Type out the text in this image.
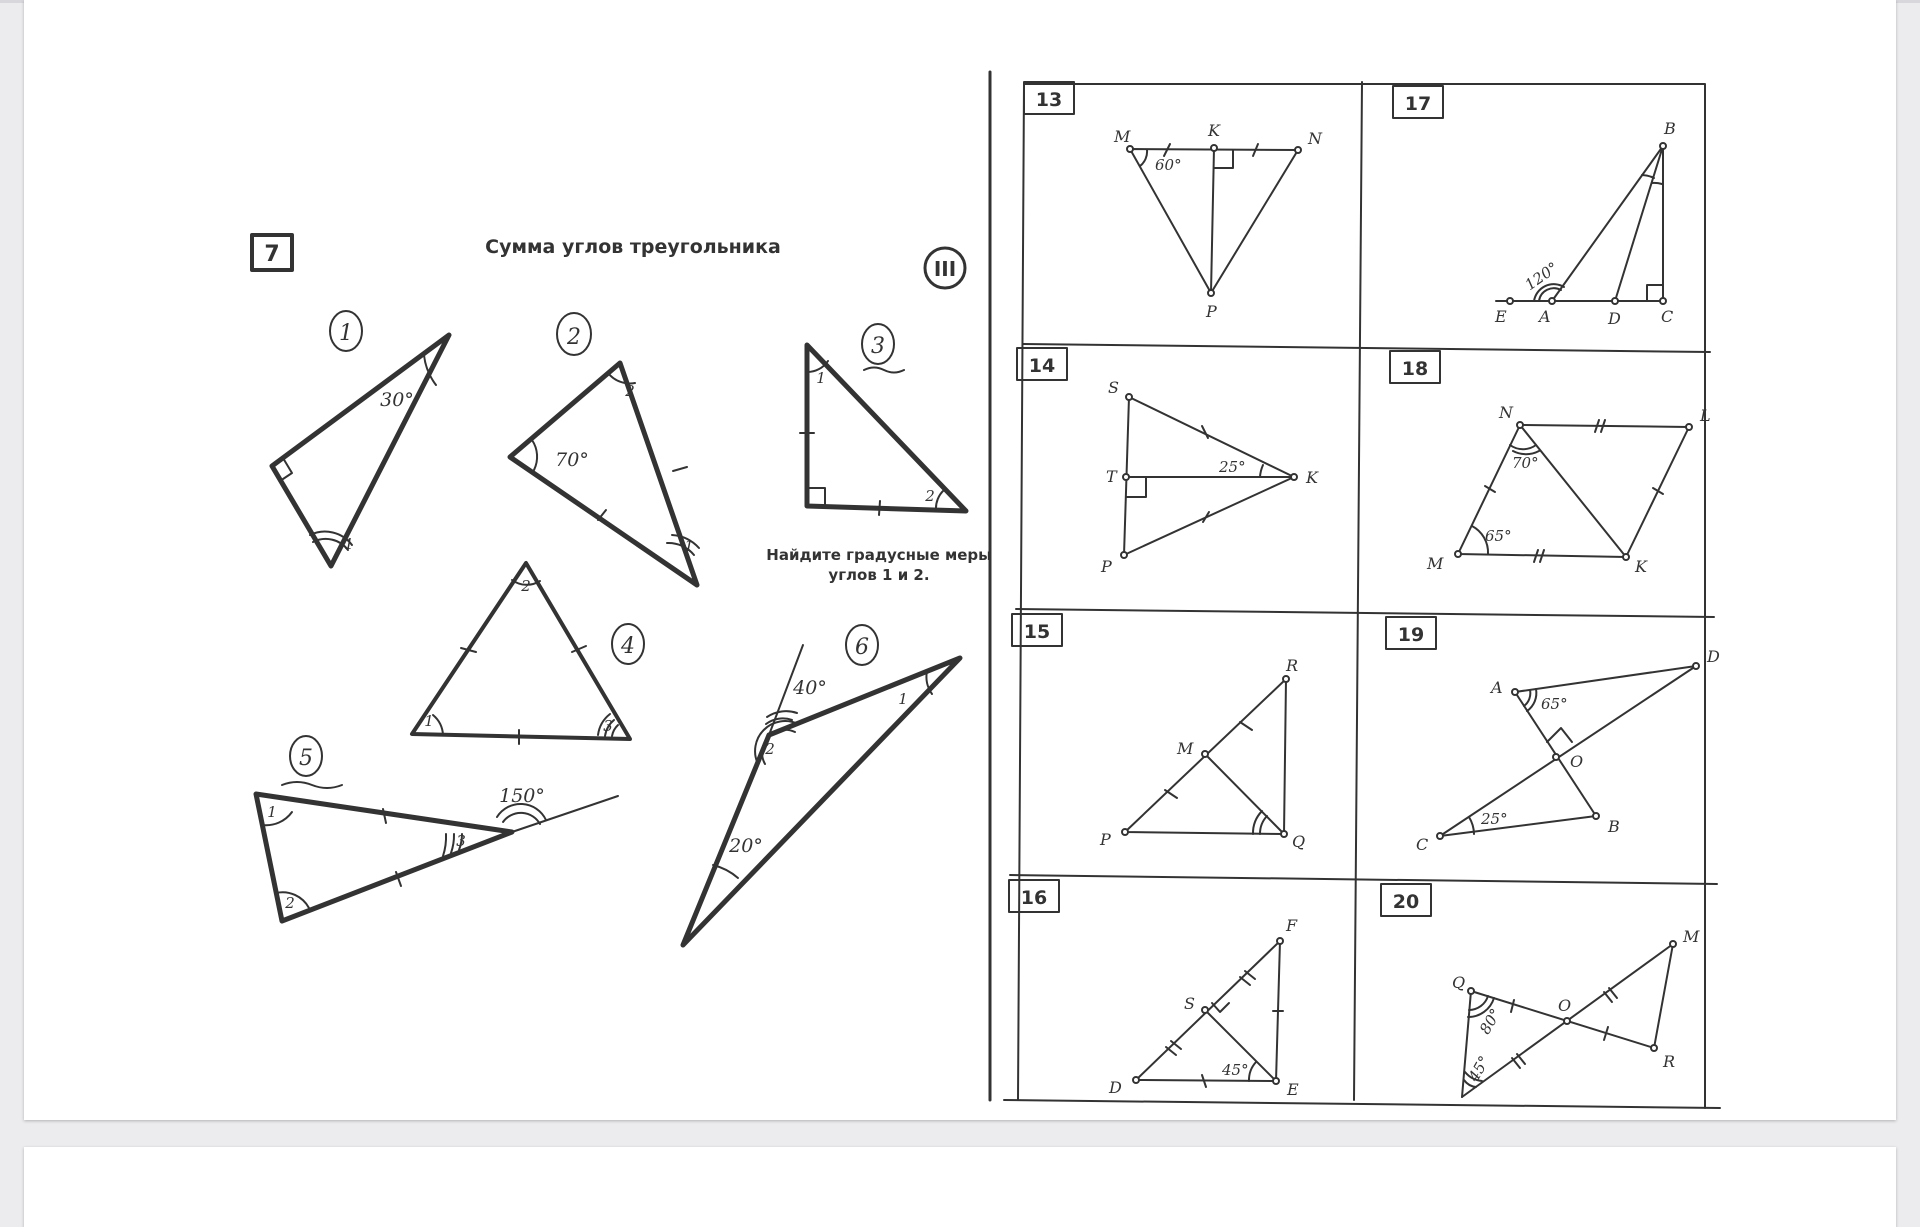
7	Сумма углов треугольника
III
Найдите градусные меры
углов 1 и 2.
1
1
30°
2
2
70°
1
3
1
2
4
2
1	3
5
1
2
3
150°
6
1
2
40°
20°
13	17
14	18
15	19
16	20
M	K	N
P
60°
B
E A	D	C
120°
S
T	K
P
25°
N	L
M	K
70°
65°
R
M
P	Q
A
D
O
C
B
65°
25°
F
S
D	E
45°
Q
O
M
R
80°
45°
